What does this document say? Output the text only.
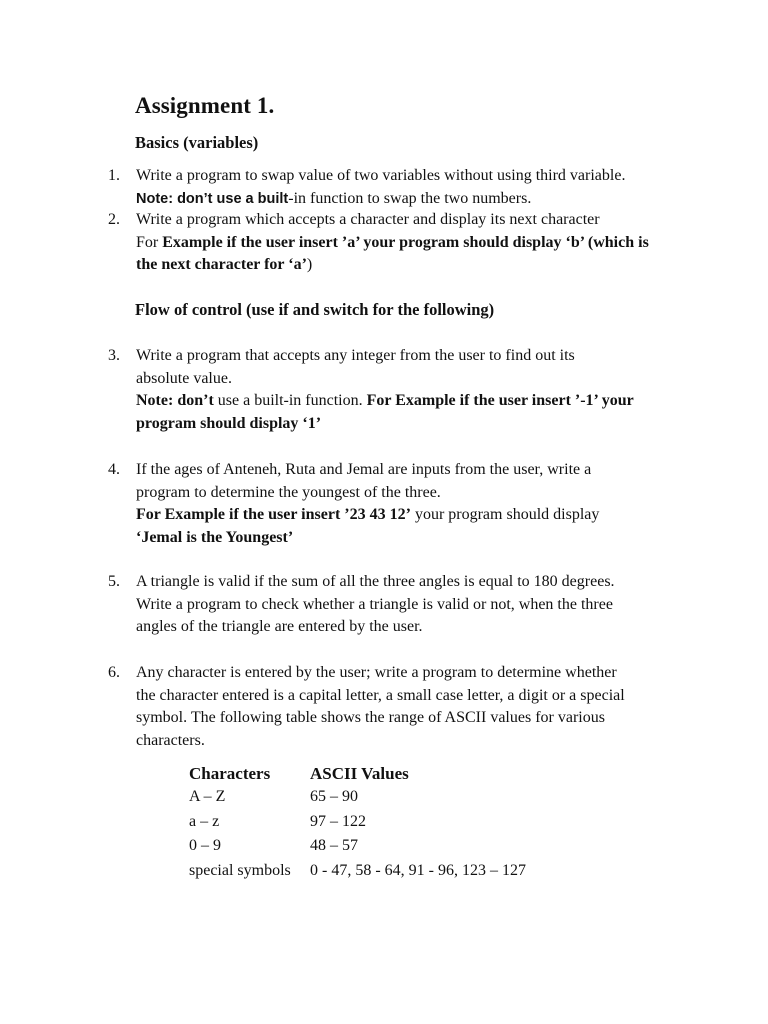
Assignment 1.
Basics (variables)
1.	Write a program to swap value of two variables without using third variable.
Note: don’t use a built-in function to swap the two numbers.
2.	Write a program which accepts a character and display its next character
For Example if the user insert ’a’ your program should display ‘b’ (which is
the next character for ‘a’)
Flow of control (use if and switch for the following)
3.	Write a program that accepts any integer from the user to find out its
absolute value.
Note: don’t use a built-in function. For Example if the user insert ’-1’ your
program should display ‘1’
4.	If the ages of Anteneh, Ruta and Jemal are inputs from the user, write a
program to determine the youngest of the three.
For Example if the user insert ’23 43 12’ your program should display
‘Jemal is the Youngest’
5.	A triangle is valid if the sum of all the three angles is equal to 180 degrees.
Write a program to check whether a triangle is valid or not, when the three
angles of the triangle are entered by the user.
6.	Any character is entered by the user; write a program to determine whether
the character entered is a capital letter, a small case letter, a digit or a special
symbol. The following table shows the range of ASCII values for various
characters.
Characters	ASCII Values
A – Z	65 – 90
a – z	97 – 122
0 – 9	48 – 57
special symbols	0 - 47, 58 - 64, 91 - 96, 123 – 127
